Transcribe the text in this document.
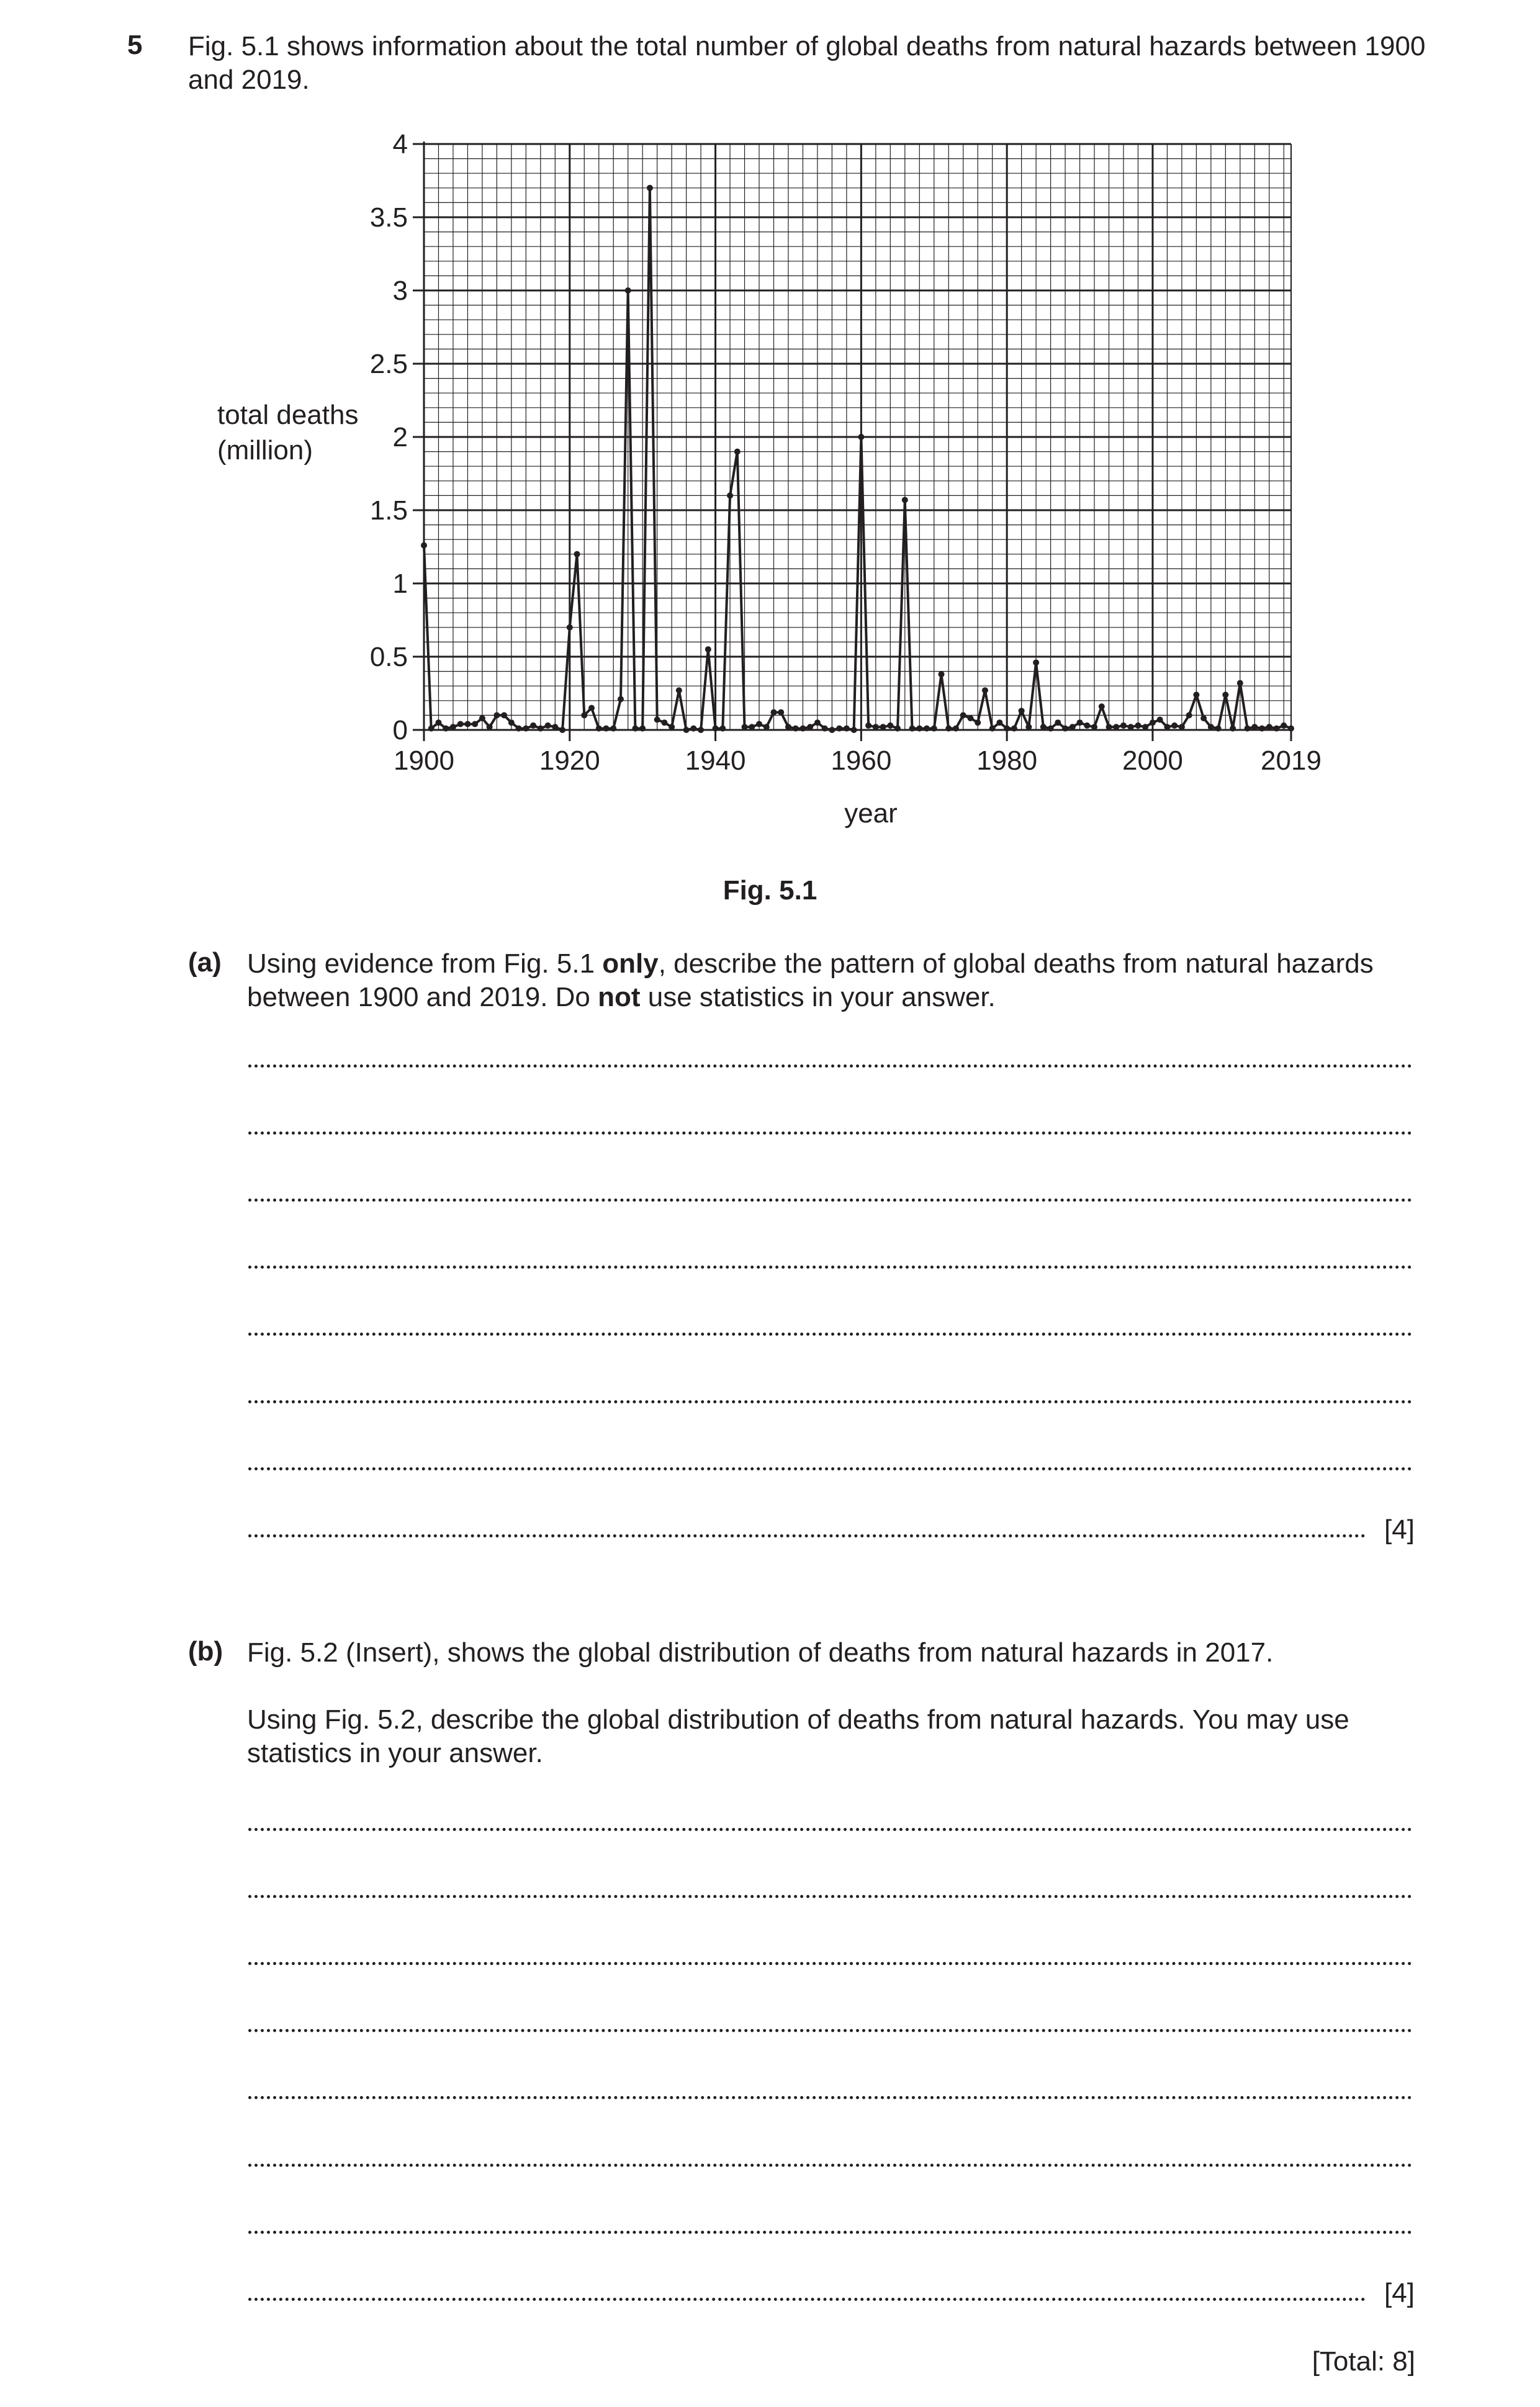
5 Fig. 5.1 shows information about the total number of global deaths from natural hazards between 1900 and 2019.
0
0.5
1
1.5
2
2.5
3
3.5
4
1900	1920	1940	1960	1980	2000	2019
total deaths
(million)
year
Fig. 5.1
(a) Using evidence from Fig. 5.1 only, describe the pattern of global deaths from natural hazards between 1900 and 2019. Do not use statistics in your answer.
[4]
(b) Fig. 5.2 (Insert), shows the global distribution of deaths from natural hazards in 2017.
Using Fig. 5.2, describe the global distribution of deaths from natural hazards. You may use statistics in your answer.
[4]
[Total: 8]
